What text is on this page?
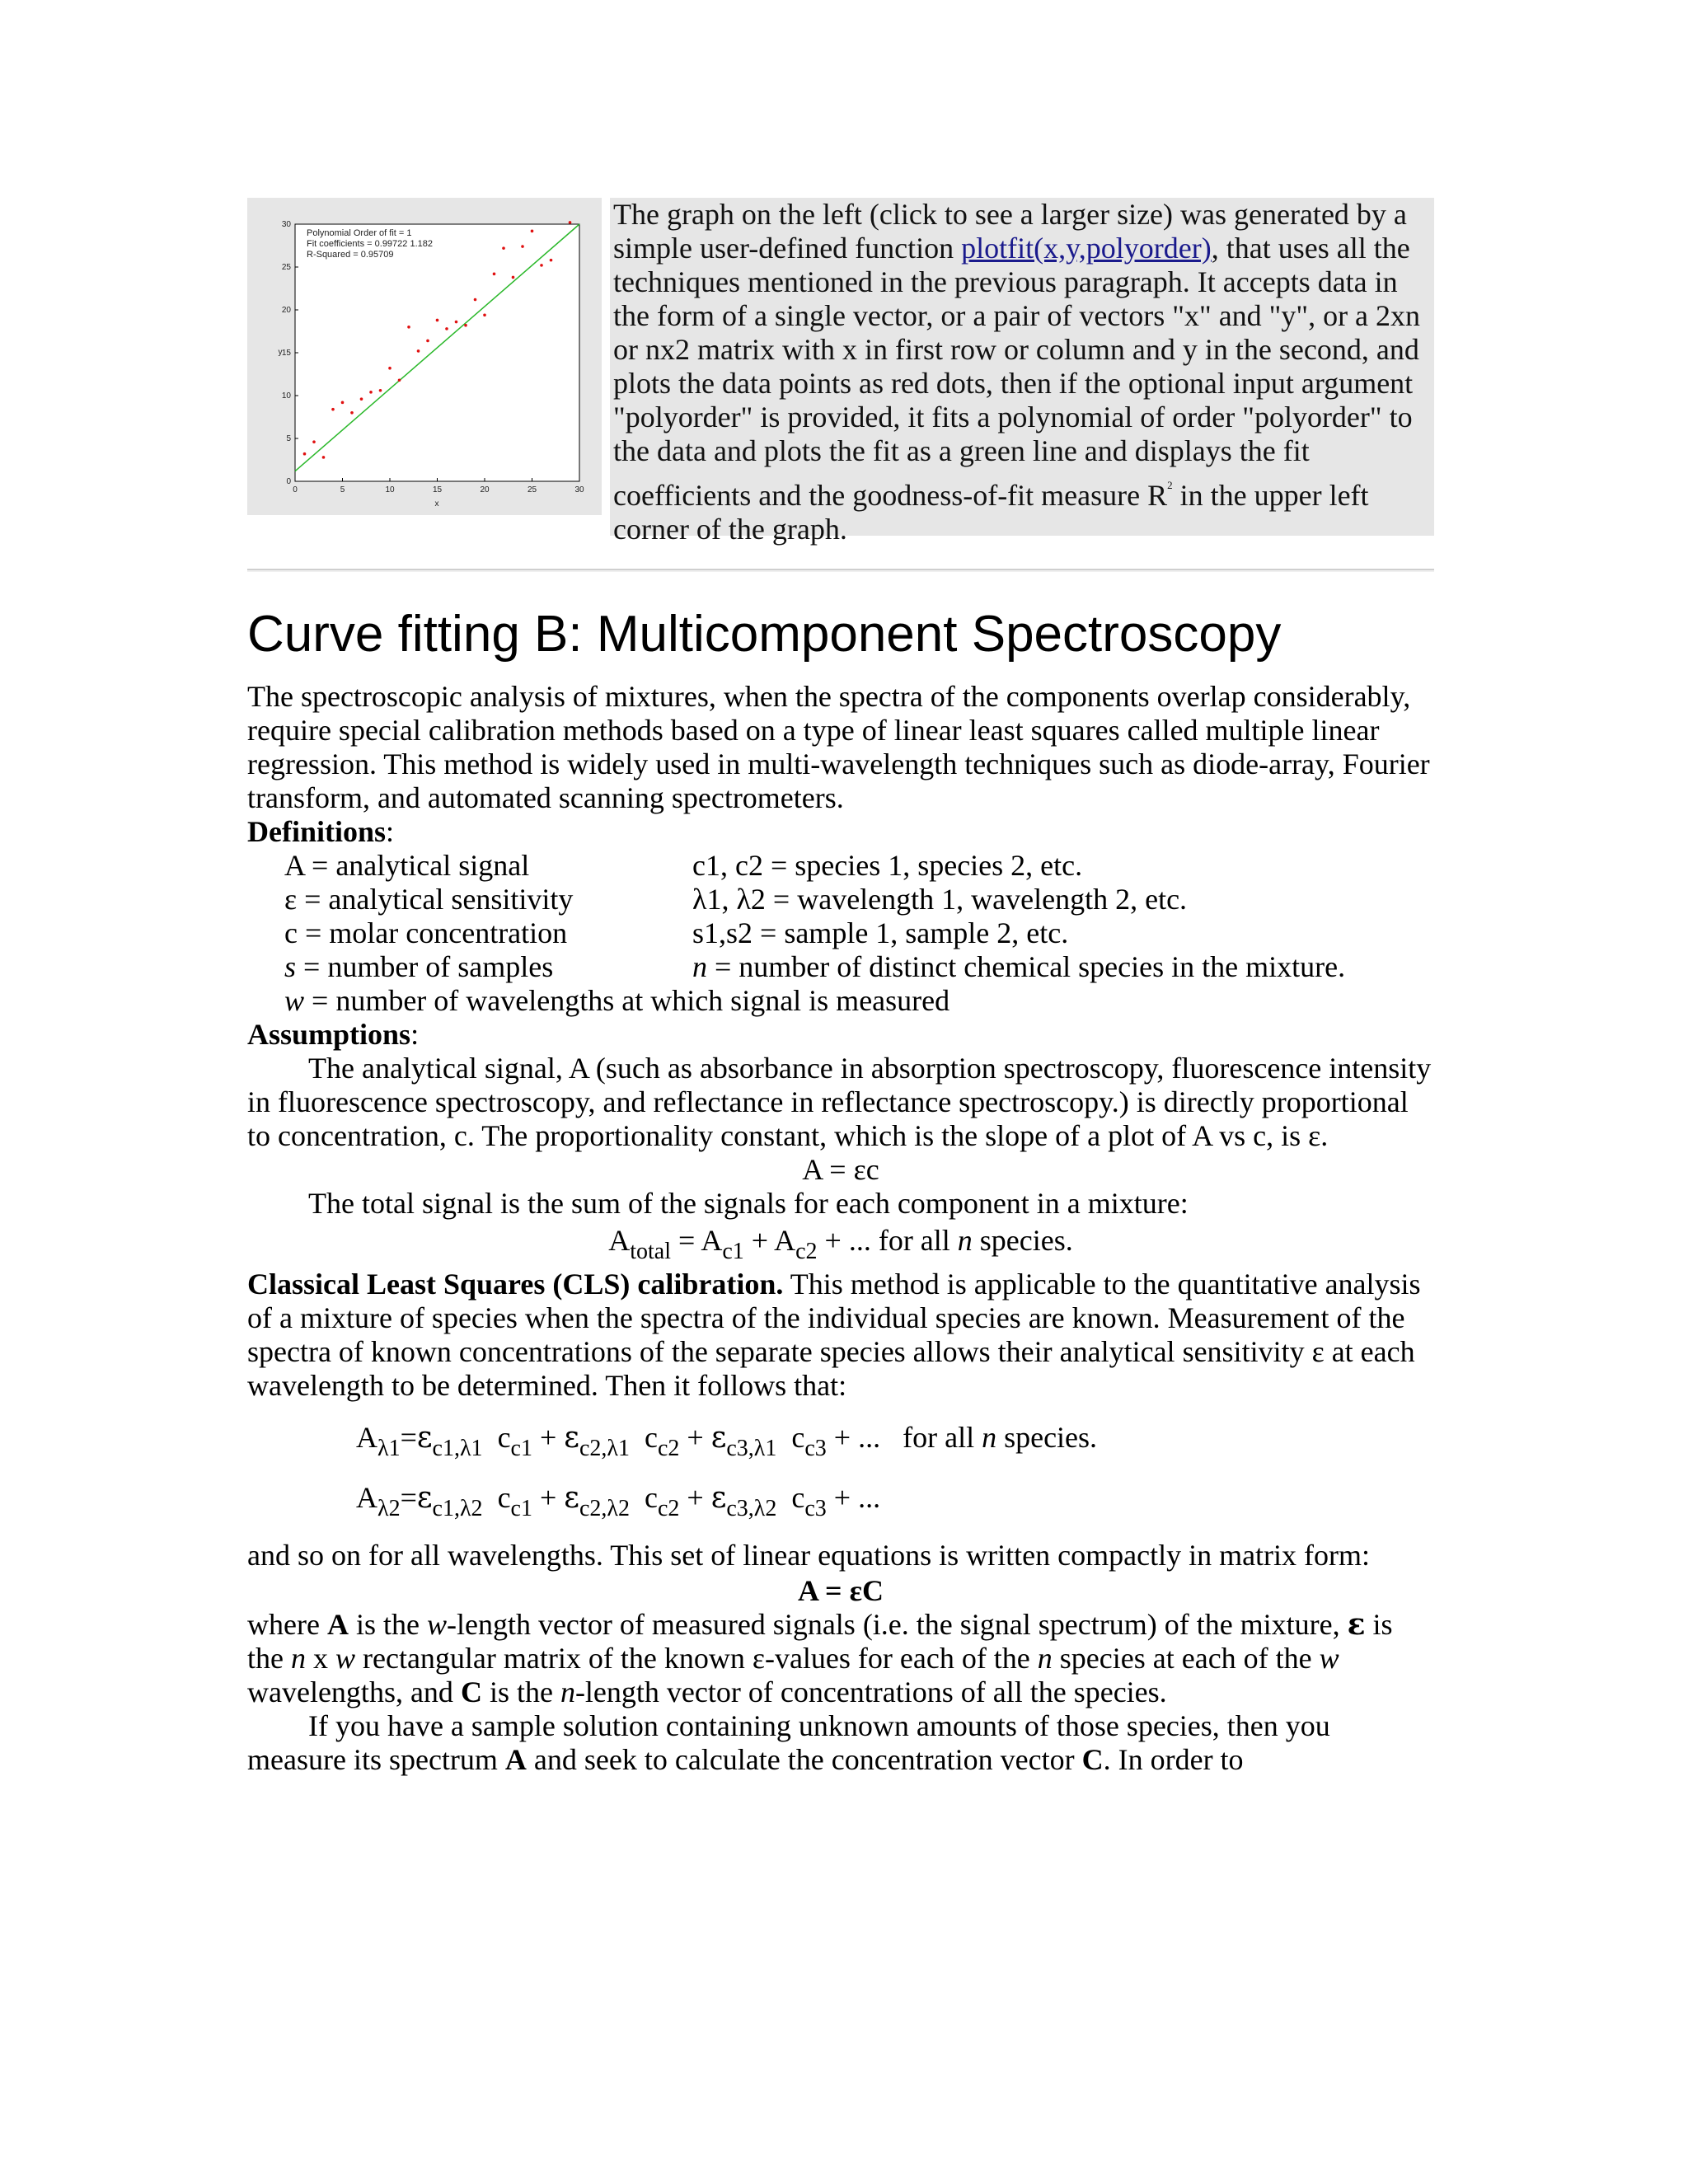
Polynomial Order of fit = 1
Fit coefficients = 0.99722 1.182
R-Squared = 0.95709
x
y
0	5	10	15	20	25	30
0
5
10
15
20
25
30	The graph on the left (click to see a larger size) was generated by a simple user-defined function plotfit(x,y,polyorder), that uses all the techniques mentioned in the previous paragraph. It accepts data in the form of a single vector, or a pair of vectors "x" and "y", or a 2xn or nx2 matrix with x in first row or column and y in the second, and plots the data points as red dots, then if the optional input argument "polyorder" is provided, it fits a polynomial of order "polyorder" to the data and plots the fit as a green line and displays the fit coefficients and the goodness-of-fit measure $R^2$ in the upper left corner of the graph.
Curve fitting B: Multicomponent Spectroscopy

The spectroscopic analysis of mixtures, when the spectra of the components overlap considerably, require special calibration methods based on a type of linear least squares called multiple linear regression. This method is widely used in multi-wavelength techniques such as diode-array, Fourier transform, and automated scanning spectrometers.

Definitions:

A = analytical signal	c1, c2 = species 1, species 2, etc.
ε = analytical sensitivity	λ1, λ2 = wavelength 1, wavelength 2, etc.
c = molar concentration	s1,s2 = sample 1, sample 2, etc.
s = number of samples	n = number of distinct chemical species in the mixture.
w = number of wavelengths at which signal is measured

Assumptions:

The analytical signal, A (such as absorbance in absorption spectroscopy, fluorescence intensity in fluorescence spectroscopy, and reflectance in reflectance spectroscopy.) is directly proportional to concentration, c. The proportionality constant, which is the slope of a plot of A vs c, is ε.

A = εc

The total signal is the sum of the signals for each component in a mixture:

$A_{total} = A_{c1} + A_{c2}$ + ... for all n species.

Classical Least Squares (CLS) calibration. This method is applicable to the quantitative analysis of a mixture of species when the spectra of the individual species are known. Measurement of the spectra of known concentrations of the separate species allows their analytical sensitivity ε at each wavelength to be determined. Then it follows that:

$A_{\lambda 1}=\varepsilon_{c1,\lambda 1}$ $c_{c1} + \varepsilon_{c2,\lambda 1}$ $c_{c2} + \varepsilon_{c3,\lambda 1}$ $c_{c3}$ + ... for all n species.
$A_{\lambda 2}=\varepsilon_{c1,\lambda 2}$ $c_{c1} + \varepsilon_{c2,\lambda 2}$ $c_{c2} + \varepsilon_{c3,\lambda 2}$ $c_{c3}$ + ...

and so on for all wavelengths. This set of linear equations is written compactly in matrix form:

A = εC

where A is the w-length vector of measured signals (i.e. the signal spectrum) of the mixture, ε is the n x w rectangular matrix of the known ε-values for each of the n species at each of the w wavelengths, and C is the n-length vector of concentrations of all the species.

If you have a sample solution containing unknown amounts of those species, then you measure its spectrum A and seek to calculate the concentration vector C. In order to
